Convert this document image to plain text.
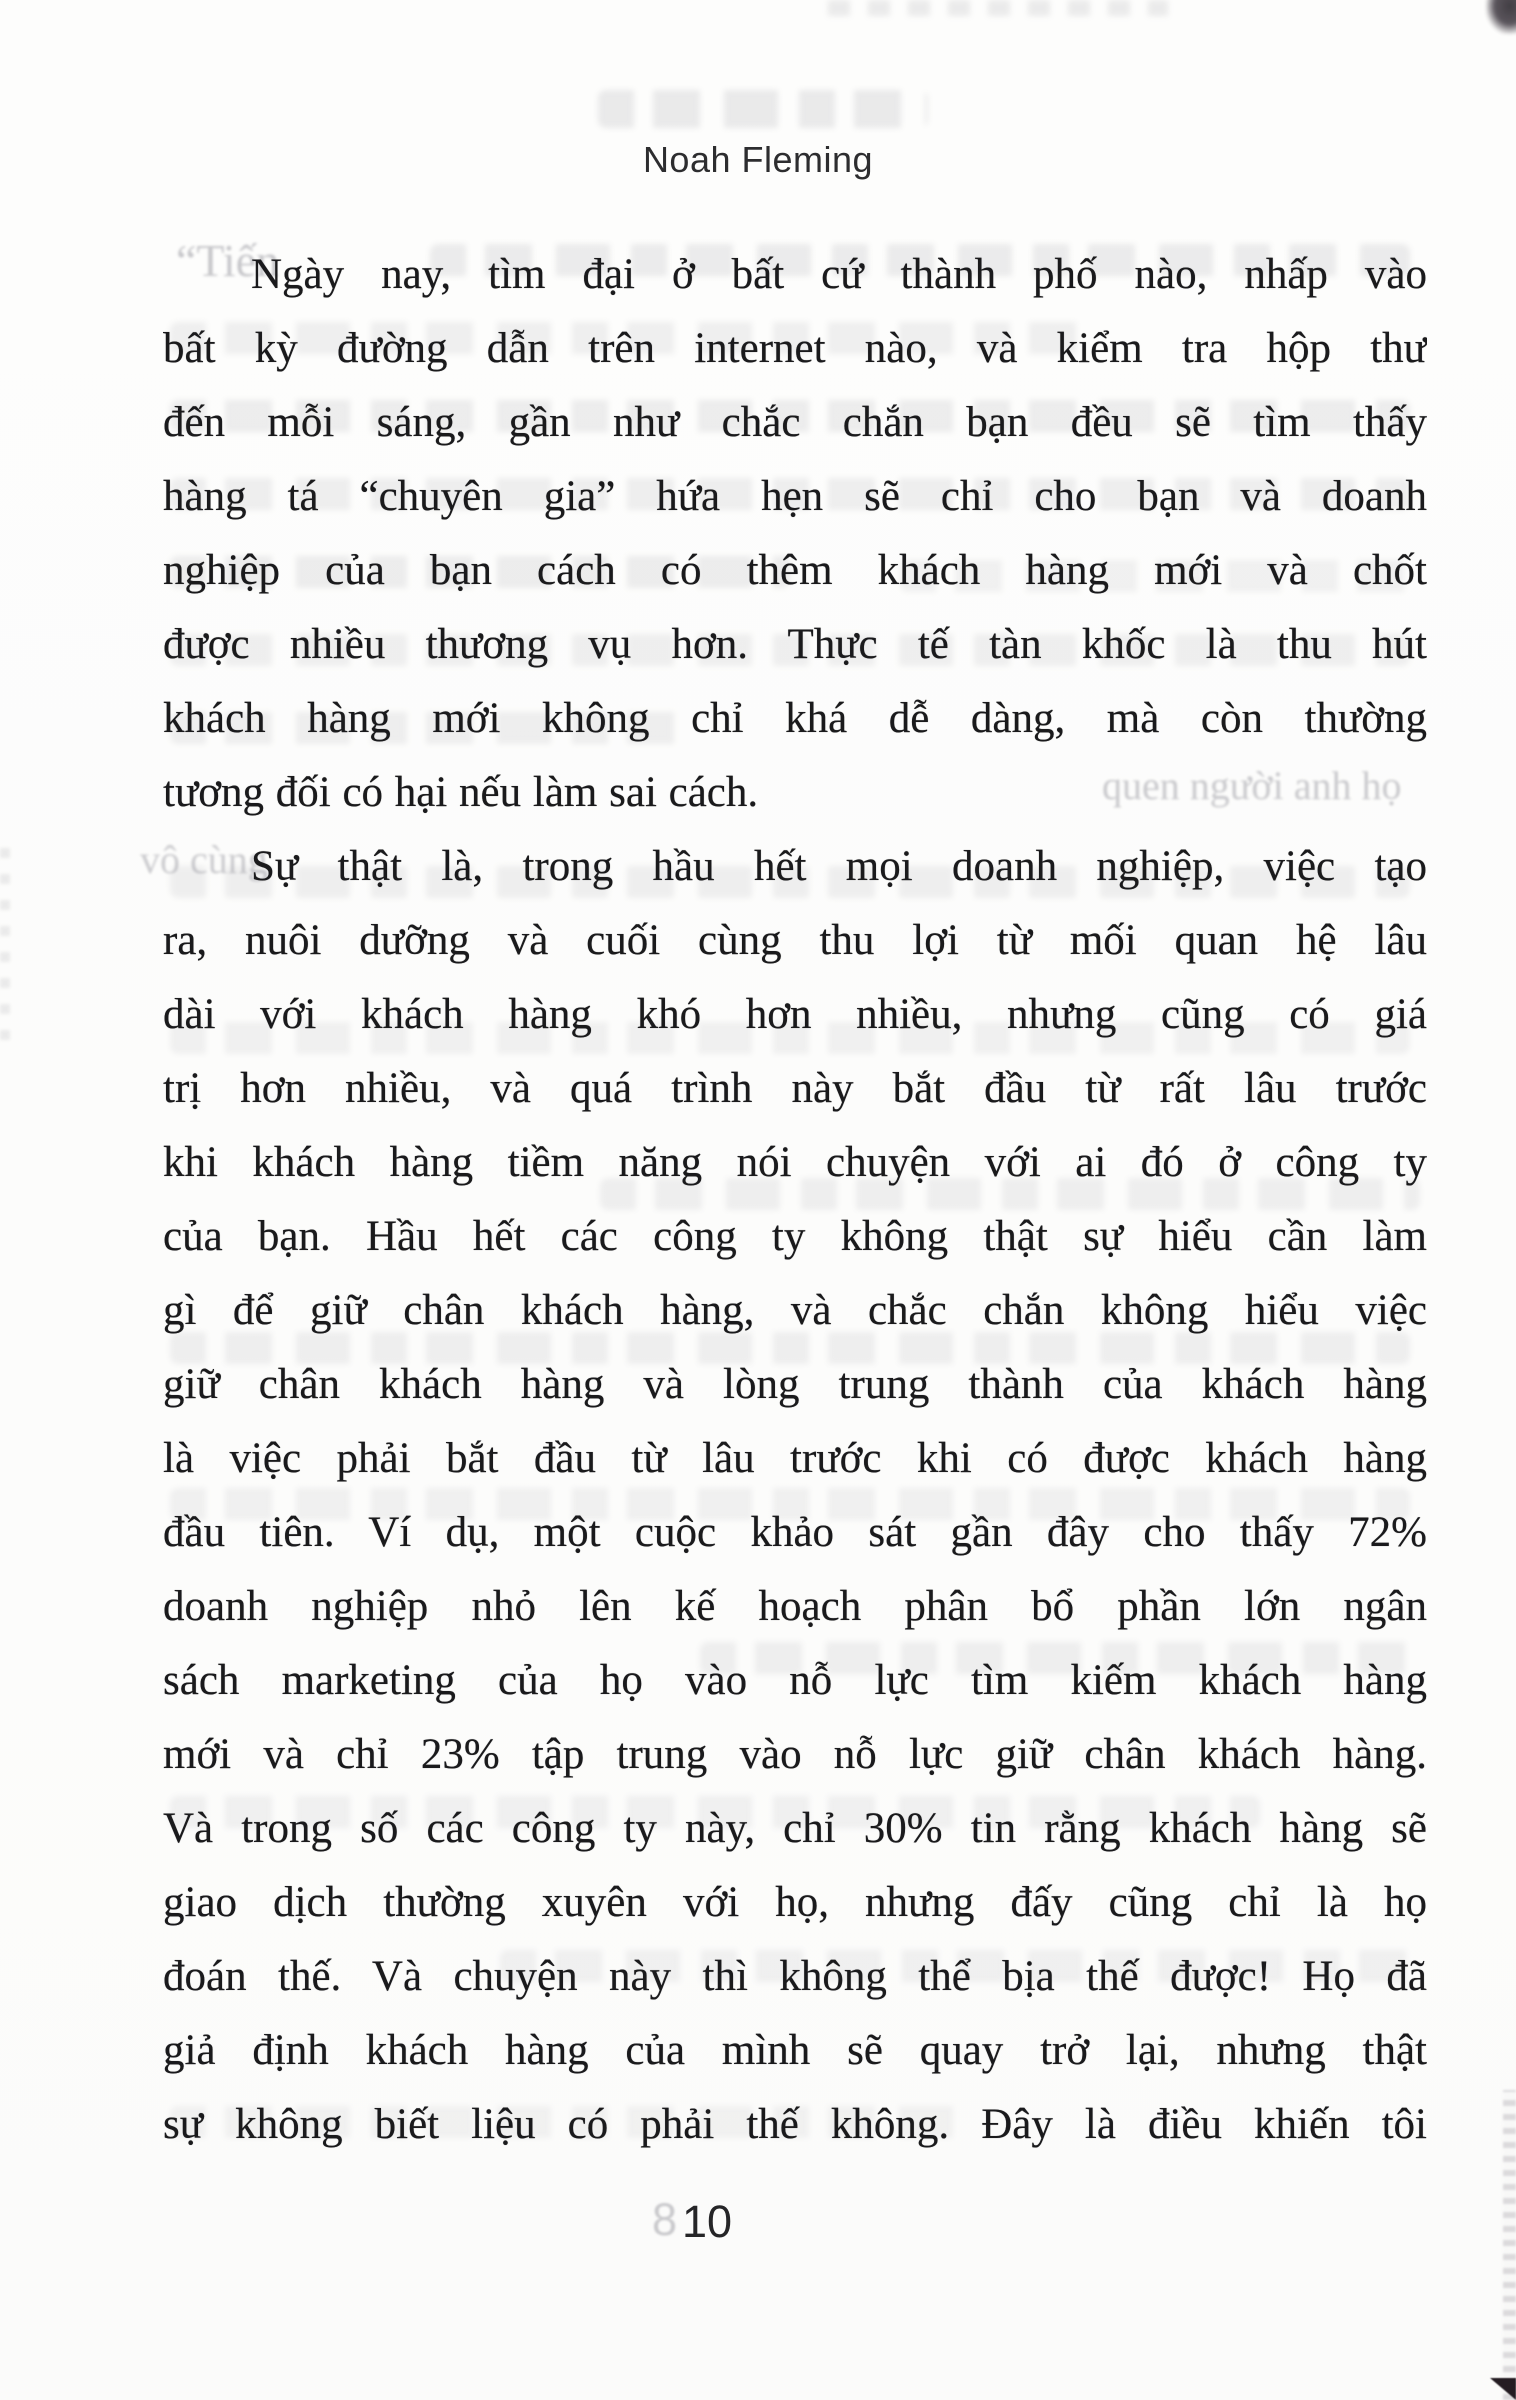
“Tiến
quen người anh họ
vô cùng
8
Noah Fleming
Ngày nay, tìm đại ở bất cứ thành phố nào, nhấp vào
bất kỳ đường dẫn trên internet nào, và kiểm tra hộp thư
đến mỗi sáng, gần như chắc chắn bạn đều sẽ tìm thấy
hàng tá “chuyên gia” hứa hẹn sẽ chỉ cho bạn và doanh
nghiệp của bạn cách có thêm khách hàng mới và chốt
được nhiều thương vụ hơn. Thực tế tàn khốc là thu hút
khách hàng mới không chỉ khá dễ dàng, mà còn thường
tương đối có hại nếu làm sai cách.
Sự thật là, trong hầu hết mọi doanh nghiệp, việc tạo
ra, nuôi dưỡng và cuối cùng thu lợi từ mối quan hệ lâu
dài với khách hàng khó hơn nhiều, nhưng cũng có giá
trị hơn nhiều, và quá trình này bắt đầu từ rất lâu trước
khi khách hàng tiềm năng nói chuyện với ai đó ở công ty
của bạn. Hầu hết các công ty không thật sự hiểu cần làm
gì để giữ chân khách hàng, và chắc chắn không hiểu việc
giữ chân khách hàng và lòng trung thành của khách hàng
là việc phải bắt đầu từ lâu trước khi có được khách hàng
đầu tiên. Ví dụ, một cuộc khảo sát gần đây cho thấy 72%
doanh nghiệp nhỏ lên kế hoạch phân bổ phần lớn ngân
sách marketing của họ vào nỗ lực tìm kiếm khách hàng
mới và chỉ 23% tập trung vào nỗ lực giữ chân khách hàng.
Và trong số các công ty này, chỉ 30% tin rằng khách hàng sẽ
giao dịch thường xuyên với họ, nhưng đấy cũng chỉ là họ
đoán thế. Và chuyện này thì không thể bịa thế được! Họ đã
giả định khách hàng của mình sẽ quay trở lại, nhưng thật
sự không biết liệu có phải thế không. Đây là điều khiến tôi
10
